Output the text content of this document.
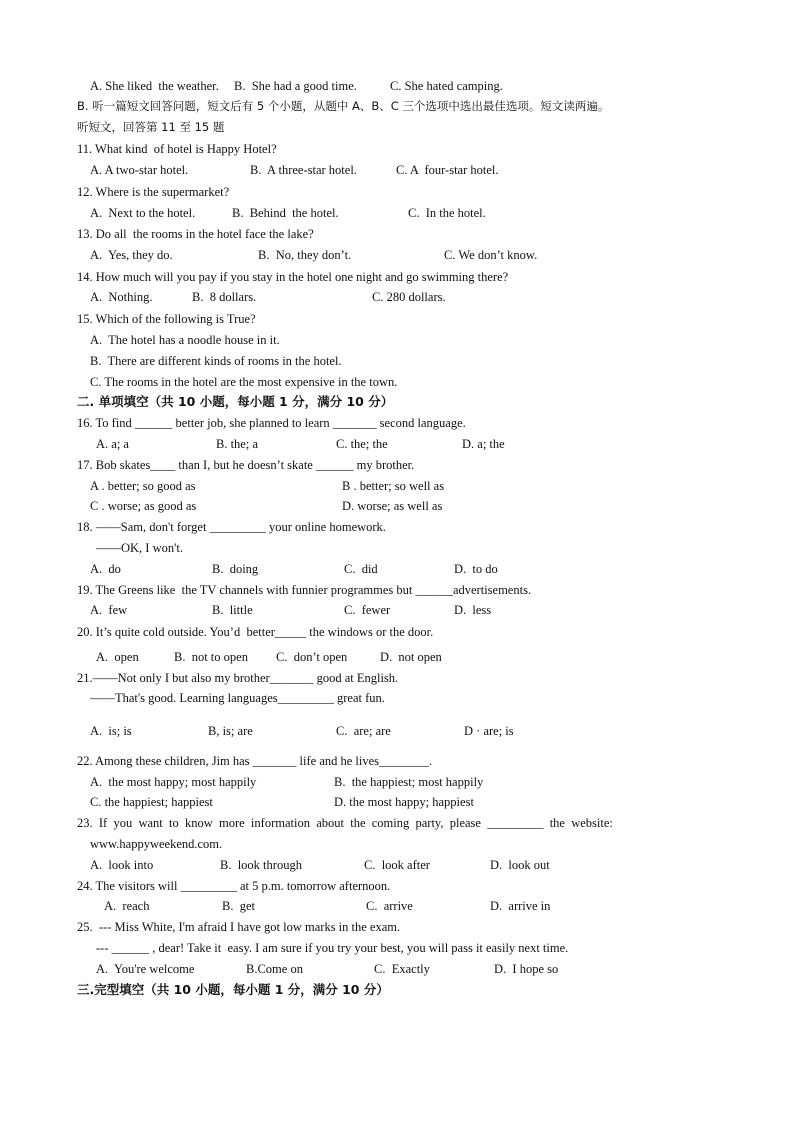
A. She liked  the weather. B.  She had a good time.	C. She hated camping.
B. 听一篇短文回答问题，短文后有 5 个小题，从题中 A、B、C 三个选项中选出最佳选项。短文读两遍。
听短文，回答第 11 至 15 题
11. What kind  of hotel is Happy Hotel?
A. A two-star hotel.	B.  A three-star hotel.	C. A  four-star hotel.
12. Where is the supermarket?
A.  Next to the hotel.	B.  Behind  the hotel.	C.  In the hotel.
13. Do all  the rooms in the hotel face the lake?
A.  Yes, they do.	B.  No, they don’t.	C. We don’t know.
14. How much will you pay if you stay in the hotel one night and go swimming there?
A.  Nothing.	B.  8 dollars.	C. 280 dollars.
15. Which of the following is True?
A.  The hotel has a noodle house in it.
B.  There are different kinds of rooms in the hotel.
C. The rooms in the hotel are the most expensive in the town.
二. 单项填空（共 10 小题，每小题 1 分，满分 10 分）
16. To find ______ better job, she planned to learn _______ second language.
A. a; a	B. the; a	C. the; the	D. a; the
17. Bob skates____ than I, but he doesn’t skate ______ my brother.
A . better; so good as	B . better; so well as
C . worse; as good as	D. worse; as well as
18. ——Sam, don't forget _________ your online homework.
——OK, I won't.
A.  do	B.  doing	C.  did	D.  to do
19. The Greens like  the TV channels with funnier programmes but ______advertisements.
A.  few	B.  little	C.  fewer	D.  less
20. It’s quite cold outside. You’d  better_____ the windows or the door.
A.  open	B.  not to open C.  don’t open	D.  not open
21.——Not only I but also my brother_______ good at English.
——That's good. Learning languages_________ great fun.
A.  is; is	B, is; are	C.  are; are	D · are; is
22. Among these children, Jim has _______ life and he lives________.
A.  the most happy; most happily	B.  the happiest; most happily
C. the happiest; happiest	D. the most happy; happiest
23.  If  you  want  to  know  more  information  about  the  coming  party,  please  _________  the  website:
www.happyweekend.com.
A.  look into	B.  look through	C.  look after	D.  look out
24. The visitors will _________ at 5 p.m. tomorrow afternoon.
A.  reach	B.  get	C.  arrive	D.  arrive in
25.  --- Miss White, I'm afraid I have got low marks in the exam.
--- ______ , dear! Take it  easy. I am sure if you try your best, you will pass it easily next time.
A.  You're welcome	B.Come on	C.  Exactly	D.  I hope so
三.完型填空（共 10 小题，每小题 1 分，满分 10 分）
